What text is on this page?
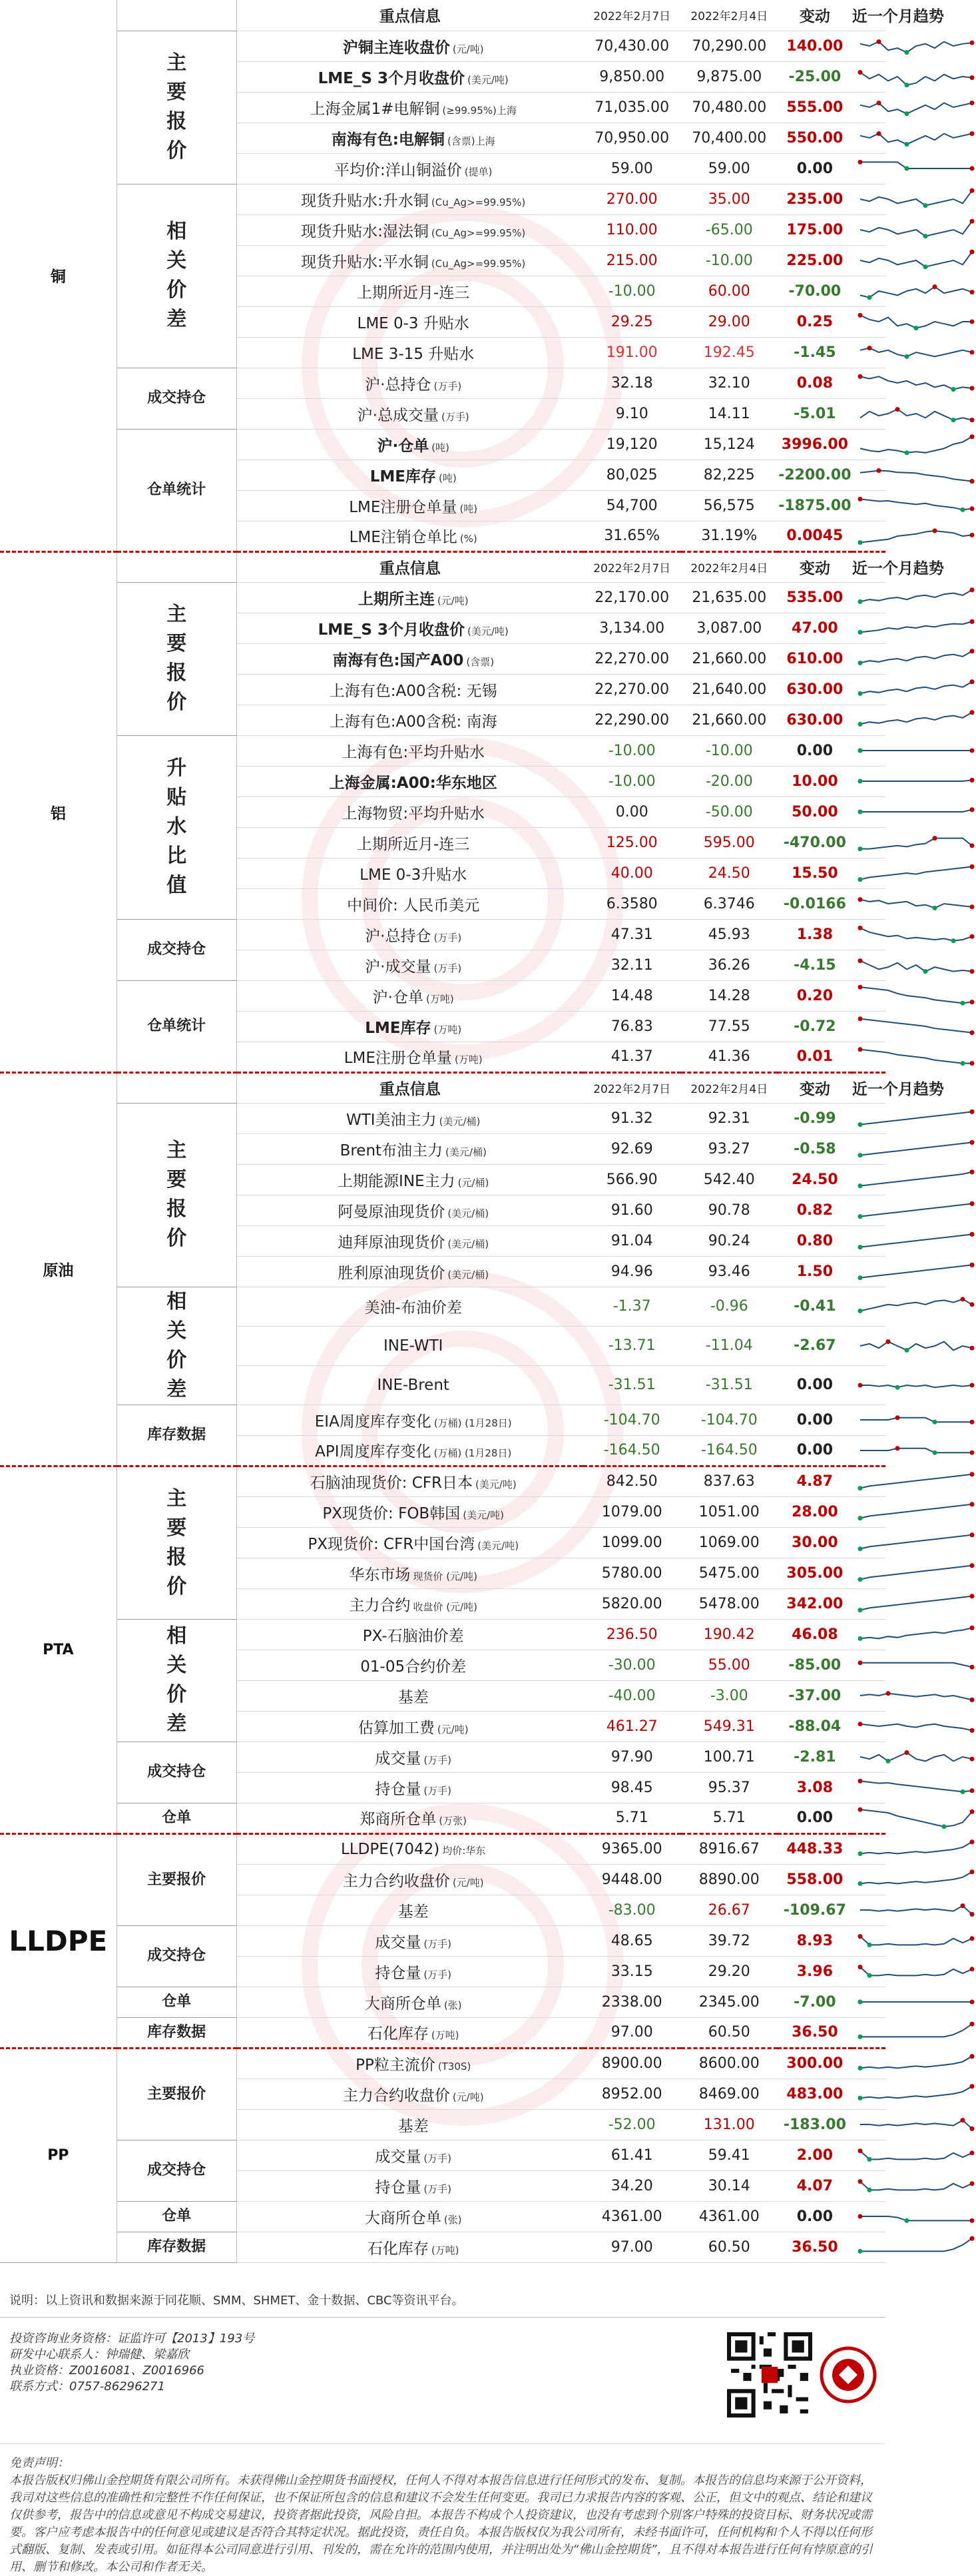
铜		重点信息	2022年2月7日	2022年2月4日	变动	近一个月趋势

	主
要
报
价	沪铜主连收盘价 (元/吨)	70,430.00	70,290.00	140.00	

		LME_S 3个月收盘价 (美元/吨)	9,850.00	9,875.00	-25.00	

		上海金属1#电解铜 (≥99.95%)上海	71,035.00	70,480.00	555.00	

		南海有色:电解铜 (含票)上海	70,950.00	70,400.00	550.00	

		平均价:洋山铜溢价 (提单)	59.00	59.00	0.00	

	相
关
价
差	现货升贴水:升水铜 (Cu_Ag>=99.95%)	270.00	35.00	235.00	

		现货升贴水:湿法铜 (Cu_Ag>=99.95%)	110.00	-65.00	175.00	

		现货升贴水:平水铜 (Cu_Ag>=99.95%)	215.00	-10.00	225.00	

		上期所近月-连三	-10.00	60.00	-70.00	

		LME 0-3 升贴水	29.25	29.00	0.25	

		LME 3-15 升贴水	191.00	192.45	-1.45	

	成交持仓	沪·总持仓 (万手)	32.18	32.10	0.08	

		沪·总成交量 (万手)	9.10	14.11	-5.01	

	仓单统计	沪·仓单 (吨)	19,120	15,124	3996.00	

		LME库存 (吨)	80,025	82,225	-2200.00	

		LME注册仓单量 (吨)	54,700	56,575	-1875.00	

		LME注销仓单比 (%)	31.65%	31.19%	0.0045	

铝		重点信息	2022年2月7日	2022年2月4日	变动	近一个月趋势

	主
要
报
价	上期所主连 (元/吨)	22,170.00	21,635.00	535.00	

		LME_S 3个月收盘价 (美元/吨)	3,134.00	3,087.00	47.00	

		南海有色:国产A00 (含票)	22,270.00	21,660.00	610.00	

		上海有色:A00含税: 无锡	22,270.00	21,640.00	630.00	

		上海有色:A00含税: 南海	22,290.00	21,660.00	630.00	

	升
贴
水
比
值	上海有色:平均升贴水	-10.00	-10.00	0.00	

		上海金属:A00:华东地区	-10.00	-20.00	10.00	

		上海物贸:平均升贴水	0.00	-50.00	50.00	

		上期所近月-连三	125.00	595.00	-470.00	

		LME 0-3升贴水	40.00	24.50	15.50	

		中间价: 人民币美元	6.3580	6.3746	-0.0166	

	成交持仓	沪·总持仓 (万手)	47.31	45.93	1.38	

		沪·成交量 (万手)	32.11	36.26	-4.15	

	仓单统计	沪·仓单 (万吨)	14.48	14.28	0.20	

		LME库存 (万吨)	76.83	77.55	-0.72	

		LME注册仓单量 (万吨)	41.37	41.36	0.01	

原油		重点信息	2022年2月7日	2022年2月4日	变动	近一个月趋势

	主
要
报
价	WTI美油主力 (美元/桶)	91.32	92.31	-0.99	

		Brent布油主力 (美元/桶)	92.69	93.27	-0.58	

		上期能源INE主力 (元/桶)	566.90	542.40	24.50	

		阿曼原油现货价 (美元/桶)	91.60	90.78	0.82	

		迪拜原油现货价 (美元/桶)	91.04	90.24	0.80	

		胜利原油现货价 (美元/桶)	94.96	93.46	1.50	

	相
关
价
差	美油-布油价差	-1.37	-0.96	-0.41	

		INE-WTI	-13.71	-11.04	-2.67	

		INE-Brent	-31.51	-31.51	0.00	

	库存数据	EIA周度库存变化 (万桶) (1月28日)	-104.70	-104.70	0.00	

		API周度库存变化 (万桶) (1月28日)	-164.50	-164.50	0.00	

PTA	主
要
报
价	石脑油现货价: CFR日本 (美元/吨)	842.50	837.63	4.87	

		PX现货价: FOB韩国 (美元/吨)	1079.00	1051.00	28.00	

		PX现货价: CFR中国台湾 (美元/吨)	1099.00	1069.00	30.00	

		华东市场 现货价 (元/吨)	5780.00	5475.00	305.00	

		主力合约 收盘价 (元/吨)	5820.00	5478.00	342.00	

	相
关
价
差	PX-石脑油价差	236.50	190.42	46.08	

		01-05合约价差	-30.00	55.00	-85.00	

		基差	-40.00	-3.00	-37.00	

		估算加工费 (元/吨)	461.27	549.31	-88.04	

	成交持仓	成交量 (万手)	97.90	100.71	-2.81	

		持仓量 (万手)	98.45	95.37	3.08	

	仓单	郑商所仓单 (万张)	5.71	5.71	0.00	

LLDPE	主要报价	LLDPE(7042) 均价:华东	9365.00	8916.67	448.33	

		主力合约收盘价 (元/吨)	9448.00	8890.00	558.00	

		基差	-83.00	26.67	-109.67	

	成交持仓	成交量 (万手)	48.65	39.72	8.93	

		持仓量 (万手)	33.15	29.20	3.96	

	仓单	大商所仓单 (张)	2338.00	2345.00	-7.00	

	库存数据	石化库存 (万吨)	97.00	60.50	36.50	

PP	主要报价	PP粒主流价 (T30S)	8900.00	8600.00	300.00	

		主力合约收盘价 (元/吨)	8952.00	8469.00	483.00	

		基差	-52.00	131.00	-183.00	

	成交持仓	成交量 (万手)	61.41	59.41	2.00	

		持仓量 (万手)	34.20	30.14	4.07	

	仓单	大商所仓单 (张)	4361.00	4361.00	0.00	

	库存数据	石化库存 (万吨)	97.00	60.50	36.50	
说明：以上资讯和数据来源于同花顺、SMM、SHMET、金十数据、CBC等资讯平台。
投资咨询业务资格：证监许可【2013】193号
研发中心联系人：钟瑞健、梁嘉欣
执业资格：Z0016081、Z0016966
联系方式：0757-86296271
免责声明：
本报告版权归佛山金控期货有限公司所有。未获得佛山金控期货书面授权，任何人不得对本报告信息进行任何形式的发布、复制。本报告的信息均来源于公开资料，我司对这些信息的准确性和完整性不作任何保证，也不保证所包含的信息和建议不会发生任何变更。我司已力求报告内容的客观、公正，但文中的观点、结论和建议仅供参考，报告中的信息或意见不构成交易建议，投资者据此投资，风险自担。本报告不构成个人投资建议，也没有考虑到个别客户特殊的投资目标、财务状况或需要。客户应考虑本报告中的任何意见或建议是否符合其特定状况。据此投资，责任自负。本报告版权仅为我公司所有，未经书面许可，任何机构和个人不得以任何形式翻版、复制、发表或引用。如征得本公司同意进行引用、刊发的，需在允许的范围内使用，并注明出处为“佛山金控期货”，且不得对本报告进行任何有悖原意的引用、删节和修改。本公司和作者无关。
